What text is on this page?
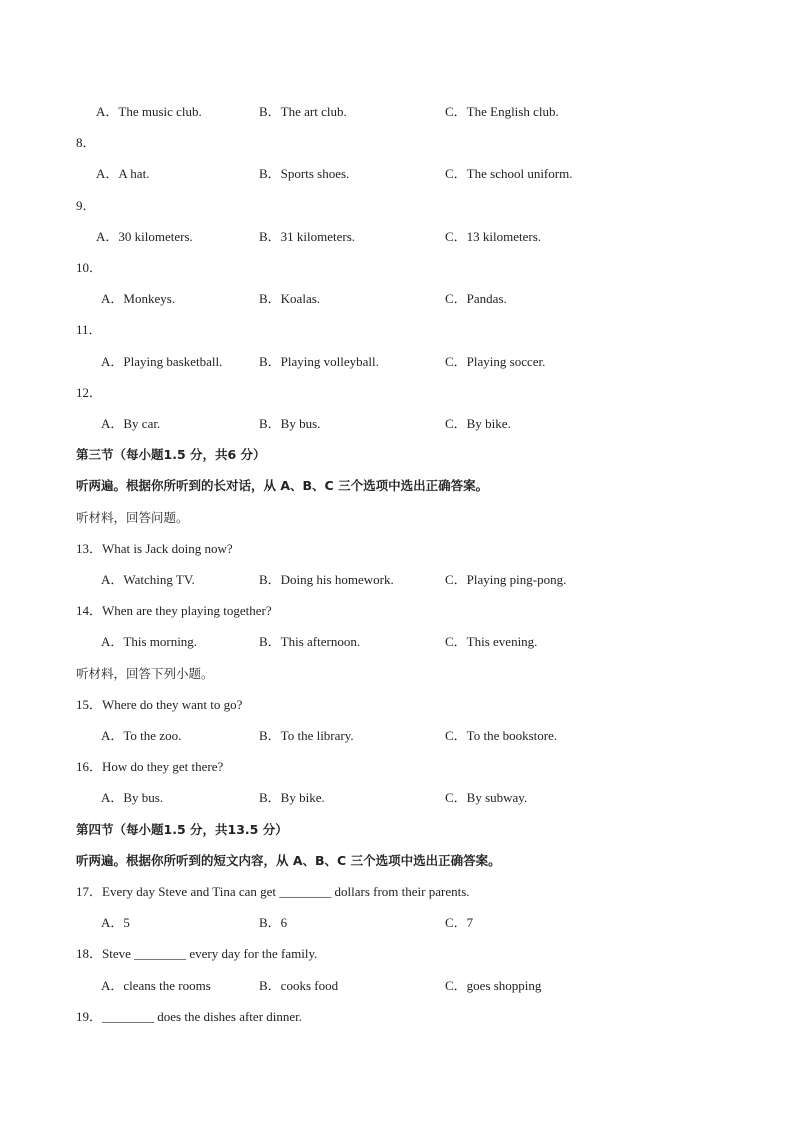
A．The music club.	B．The art club.	C．The English club.
8．
A．A hat.	B．Sports shoes.	C．The school uniform.
9．
A．30 kilometers.	B．31 kilometers.	C．13 kilometers.
10．
A．Monkeys.	B．Koalas.	C．Pandas.
11．
A．Playing basketball.	B．Playing volleyball.	C．Playing soccer.
12．
A．By car.	B．By bus.	C．By bike.
第三节（每小题1.5 分，共6 分）
听两遍。根据你所听到的长对话，从 A、B、C 三个选项中选出正确答案。
听材料，回答问题。
13．What is Jack doing now?
A．Watching TV.	B．Doing his homework.	C．Playing ping-pong.
14．When are they playing together?
A．This morning.	B．This afternoon.	C．This evening.
听材料，回答下列小题。
15．Where do they want to go?
A．To the zoo.	B．To the library.	C．To the bookstore.
16．How do they get there?
A．By bus.	B．By bike.	C．By subway.
第四节（每小题1.5 分，共13.5 分）
听两遍。根据你所听到的短文内容，从 A、B、C 三个选项中选出正确答案。
17．Every day Steve and Tina can get ________ dollars from their parents.
A．5	B．6	C．7
18．Steve ________ every day for the family.
A．cleans the rooms	B．cooks food	C．goes shopping
19．________ does the dishes after dinner.
